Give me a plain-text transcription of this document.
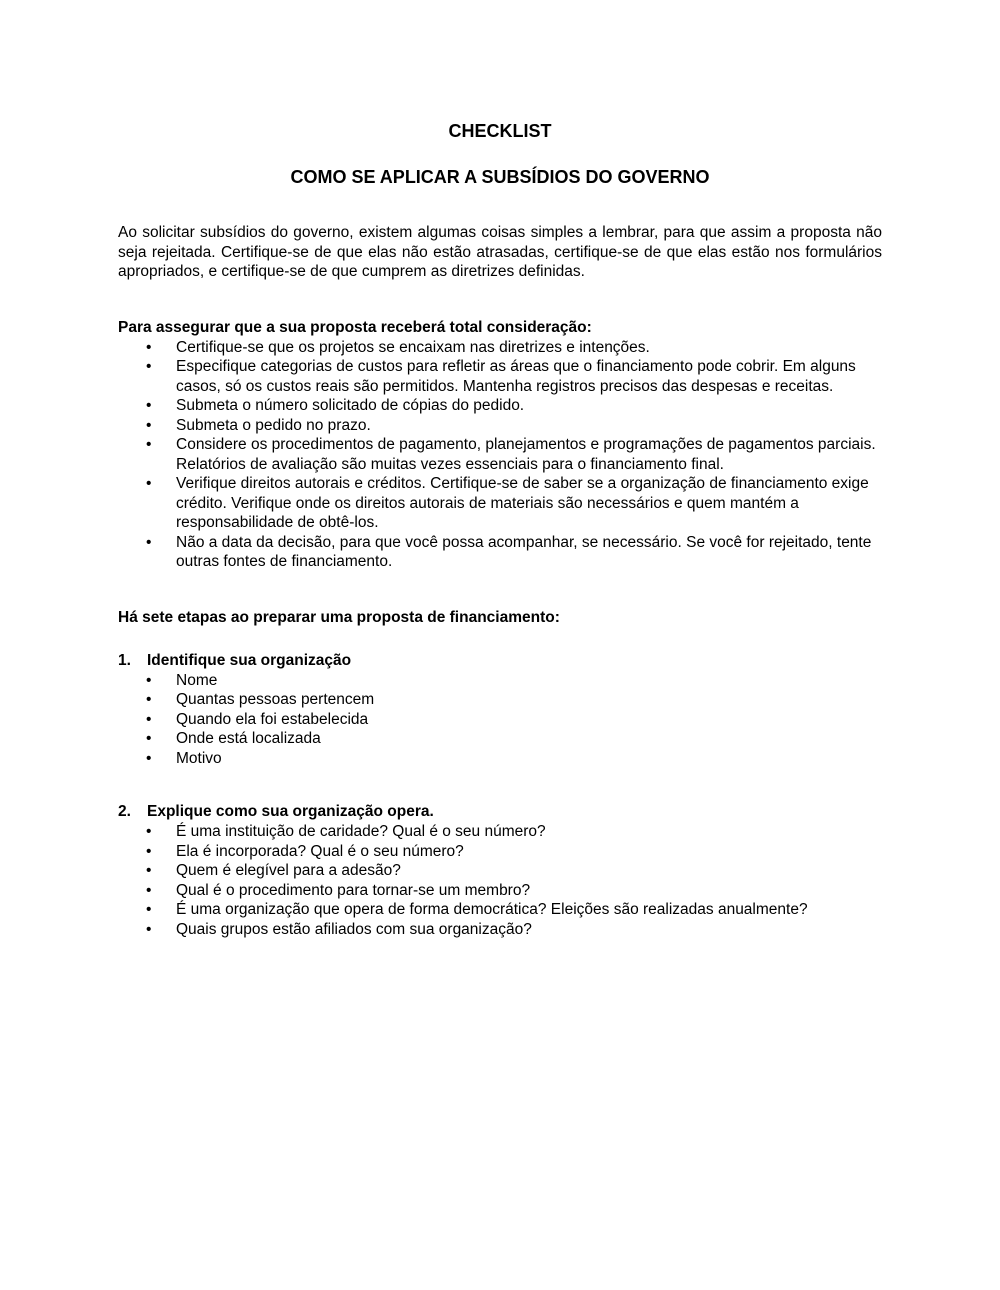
CHECKLIST
COMO SE APLICAR A SUBSÍDIOS DO GOVERNO

Ao solicitar subsídios do governo, existem algumas coisas simples a lembrar, para que assim a proposta não seja rejeitada. Certifique-se de que elas não estão atrasadas, certifique-se de que elas estão nos formulários apropriados, e certifique-se de que cumprem as diretrizes definidas.

Para assegurar que a sua proposta receberá total consideração:
•	Certifique-se que os projetos se encaixam nas diretrizes e intenções.
•	Especifique categorias de custos para refletir as áreas que o financiamento pode cobrir. Em alguns casos, só os custos reais são permitidos. Mantenha registros precisos das despesas e receitas.
•	Submeta o número solicitado de cópias do pedido.
•	Submeta o pedido no prazo.
•	Considere os procedimentos de pagamento, planejamentos e programações de pagamentos parciais. Relatórios de avaliação são muitas vezes essenciais para o financiamento final.
•	Verifique direitos autorais e créditos. Certifique-se de saber se a organização de financiamento exige crédito. Verifique onde os direitos autorais de materiais são necessários e quem mantém a responsabilidade de obtê-los.
•	Não a data da decisão, para que você possa acompanhar, se necessário. Se você for rejeitado, tente outras fontes de financiamento.
Há sete etapas ao preparar uma proposta de financiamento:
1. Identifique sua organização
•	Nome
•	Quantas pessoas pertencem
•	Quando ela foi estabelecida
•	Onde está localizada
•	Motivo
2. Explique como sua organização opera.
•	É uma instituição de caridade? Qual é o seu número?
•	Ela é incorporada? Qual é o seu número?
•	Quem é elegível para a adesão?
•	Qual é o procedimento para tornar-se um membro?
•	É uma organização que opera de forma democrática? Eleições são realizadas anualmente?
•	Quais grupos estão afiliados com sua organização?
